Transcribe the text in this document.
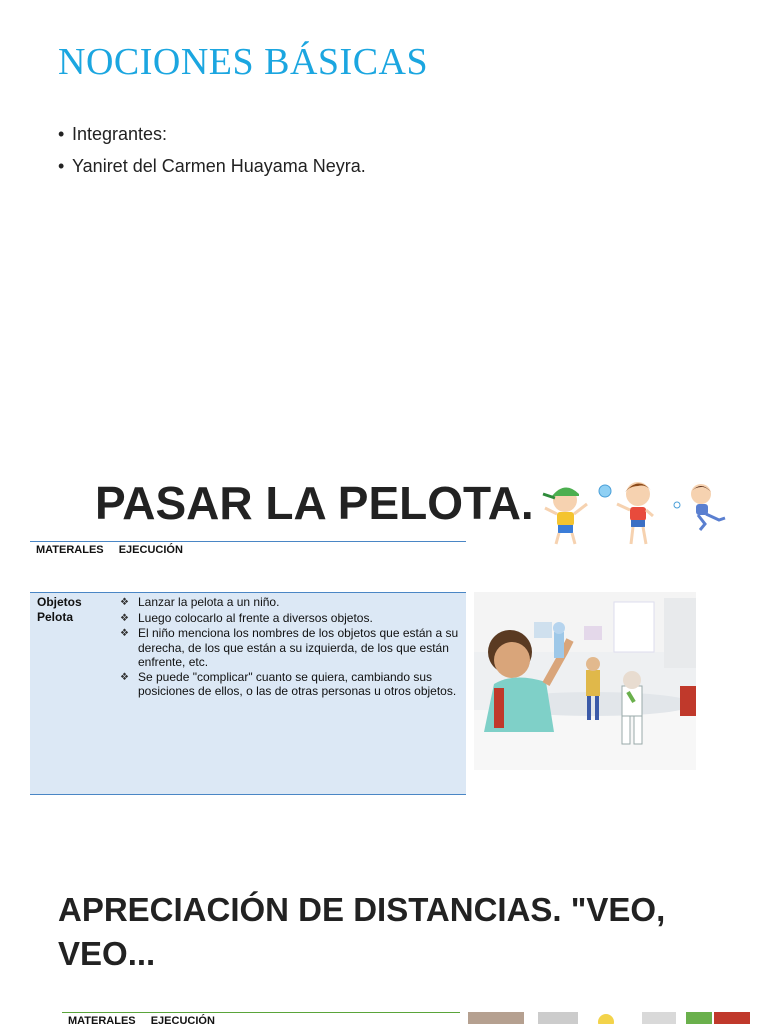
NOCIONES BÁSICAS
• Integrantes:
• Yaniret del Carmen Huayama Neyra.
PASAR LA PELOTA.
MATERALES EJECUCIÓN
Objetos
Pelota
❖ Lanzar la pelota a un niño.
❖ Luego colocarlo al frente a diversos objetos.
❖ El niño menciona los nombres de los objetos que están a su derecha, de los que están a su izquierda, de los que están enfrente, etc.
❖ Se puede "complicar" cuanto se quiera, cambiando sus posiciones de ellos, o las de otras personas u otros objetos.
APRECIACIÓN DE DISTANCIAS. "VEO, VEO...
MATERALES EJECUCIÓN
